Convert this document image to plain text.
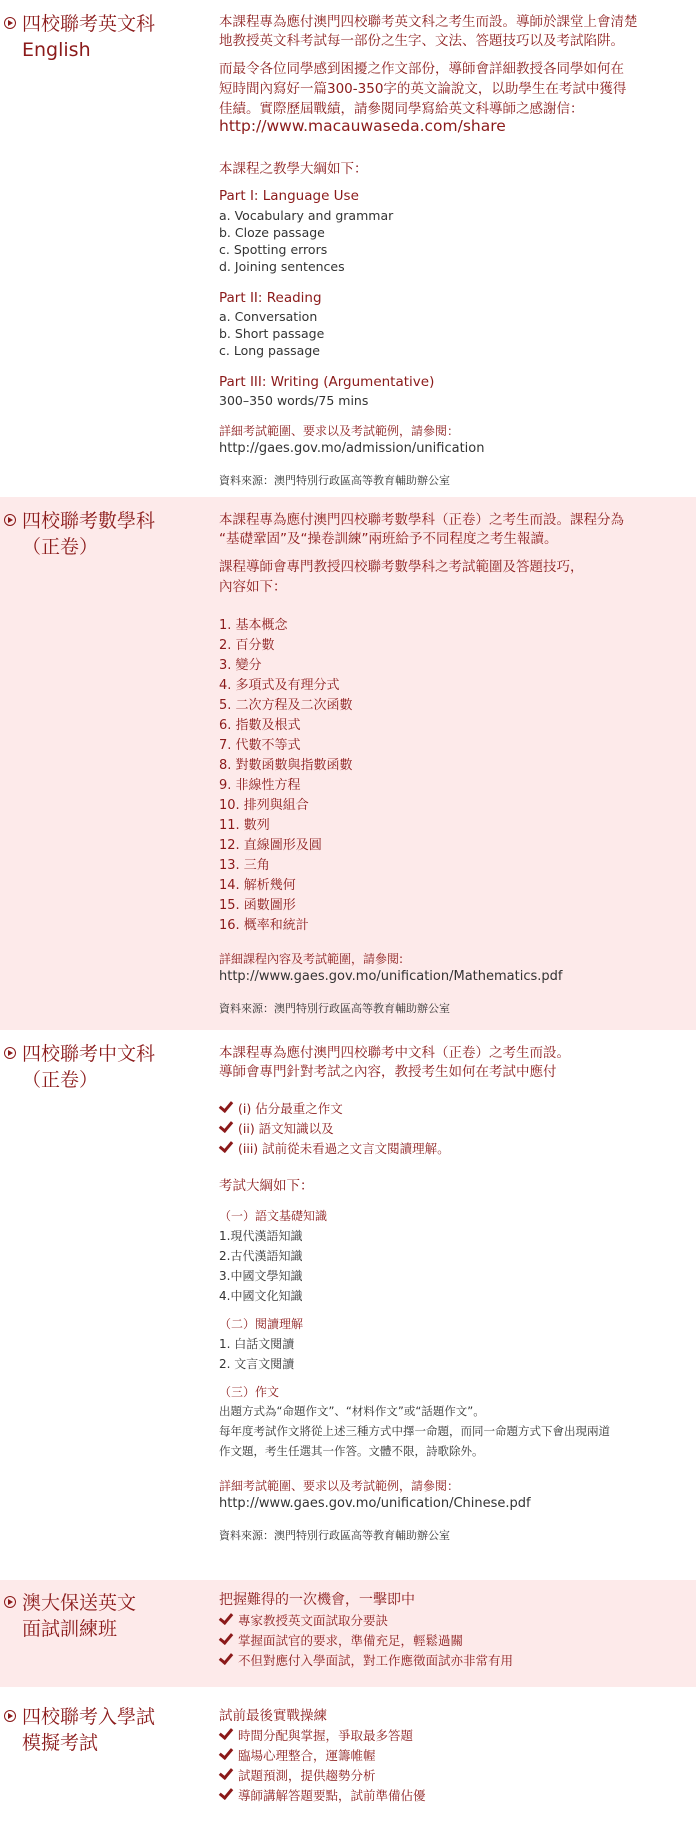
四校聯考英文科
English
本課程專為應付澳門四校聯考英文科之考生而設。導師於課堂上會清楚
地教授英文科考試每一部份之生字、文法、答題技巧以及考試陷阱。
而最令各位同學感到困擾之作文部份，導師會詳細教授各同學如何在
短時間內寫好一篇300-350字的英文論說文，以助學生在考試中獲得
佳績。實際歷屆戰績，請參閱同學寫給英文科導師之感謝信：
http://www.macauwaseda.com/share
本課程之教學大綱如下：
Part I: Language Use
a. Vocabulary and grammar
b. Cloze passage
c. Spotting errors
d. Joining sentences
Part II: Reading
a. Conversation
b. Short passage
c. Long passage
Part III: Writing (Argumentative)
300–350 words/75 mins
詳細考試範圍、要求以及考試範例，請參閱：
http://gaes.gov.mo/admission/unification
資料來源：澳門特別行政區高等教育輔助辦公室
四校聯考數學科
（正卷）
本課程專為應付澳門四校聯考數學科（正卷）之考生而設。課程分為
“基礎鞏固”及“操卷訓練”兩班給予不同程度之考生報讀。
課程導師會專門教授四校聯考數學科之考試範圍及答題技巧，
內容如下：
1. 基本概念
2. 百分數
3. 變分
4. 多項式及有理分式
5. 二次方程及二次函數
6. 指數及根式
7. 代數不等式
8. 對數函數與指數函數
9. 非線性方程
10. 排列與組合
11. 數列
12. 直線圖形及圓
13. 三角
14. 解析幾何
15. 函數圖形
16. 概率和統計
詳細課程內容及考試範圍，請參閱:
http://www.gaes.gov.mo/unification/Mathematics.pdf
資料來源：澳門特別行政區高等教育輔助辦公室
四校聯考中文科
（正卷）
本課程專為應付澳門四校聯考中文科（正卷）之考生而設。
導師會專門針對考試之內容，教授考生如何在考試中應付
(i) 佔分最重之作文
(ii) 語文知識以及
(iii) 試前從未看過之文言文閱讀理解。
考試大綱如下：
（一）語文基礎知識
1.現代漢語知識
2.古代漢語知識
3.中國文學知識
4.中國文化知識
（二）閱讀理解
1. 白話文閱讀
2. 文言文閱讀
（三）作文
出題方式為“命題作文”、“材料作文”或“話題作文”。
每年度考試作文將從上述三種方式中擇一命題，而同一命題方式下會出現兩道
作文題，考生任選其一作答。文體不限，詩歌除外。
詳細考試範圍、要求以及考試範例，請參閱：
http://www.gaes.gov.mo/unification/Chinese.pdf
資料來源：澳門特別行政區高等教育輔助辦公室
澳大保送英文
面試訓練班
把握難得的一次機會，一擊即中
專家教授英文面試取分要訣
掌握面試官的要求，準備充足，輕鬆過關
不但對應付入學面試，對工作應徵面試亦非常有用
四校聯考入學試
模擬考試
試前最後實戰操練
時間分配與掌握，爭取最多答題
臨場心理整合，運籌帷幄
試題預測，提供趨勢分析
導師講解答題要點，試前準備佔優
